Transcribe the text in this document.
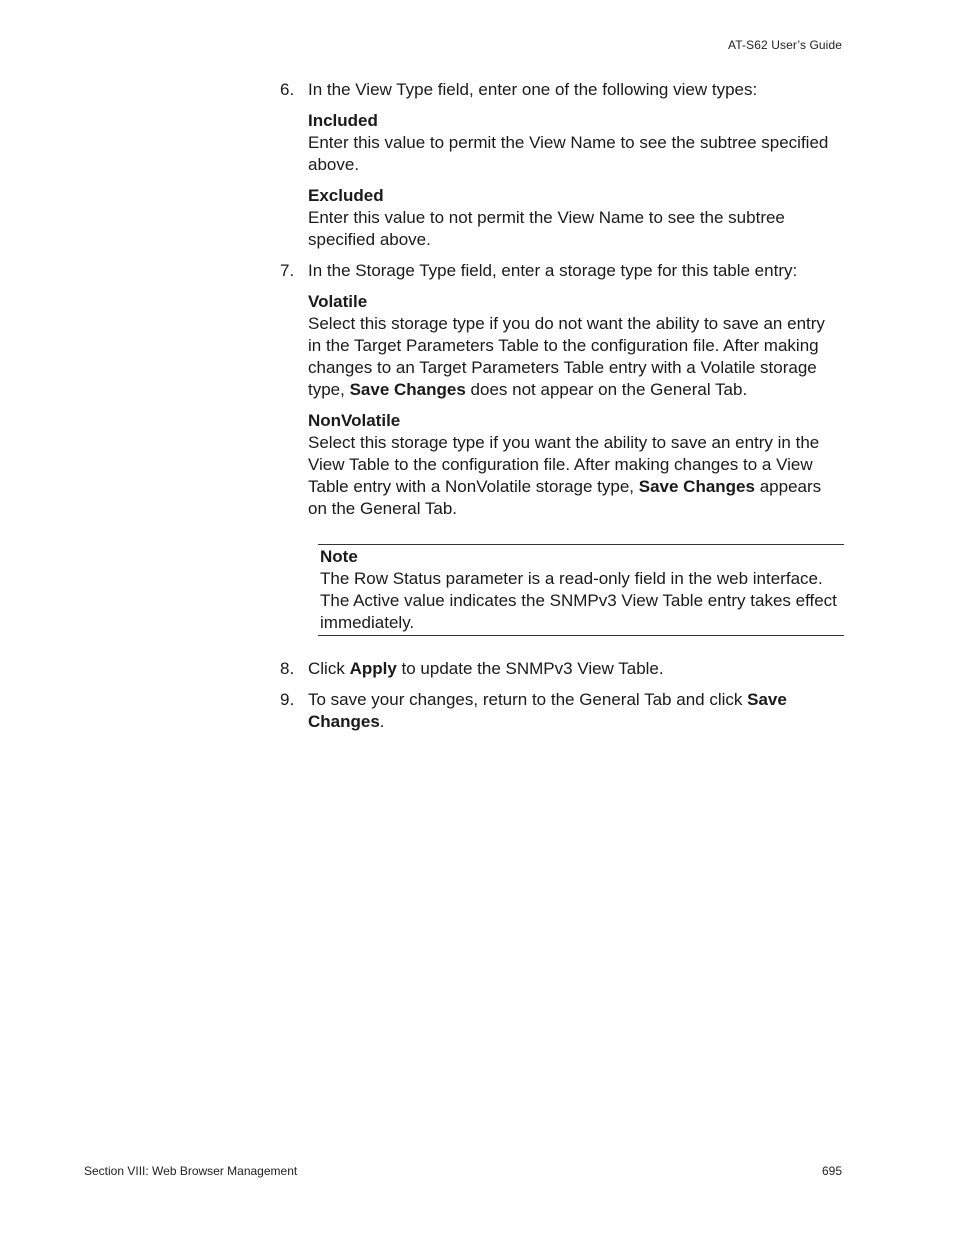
AT-S62 User’s Guide
6. In the View Type field, enter one of the following view types:
Included
Enter this value to permit the View Name to see the subtree specified above.
Excluded
Enter this value to not permit the View Name to see the subtree specified above.
7. In the Storage Type field, enter a storage type for this table entry:
Volatile
Select this storage type if you do not want the ability to save an entry in the Target Parameters Table to the configuration file. After making changes to an Target Parameters Table entry with a Volatile storage type, Save Changes does not appear on the General Tab.
NonVolatile
Select this storage type if you want the ability to save an entry in the View Table to the configuration file. After making changes to a View Table entry with a NonVolatile storage type, Save Changes appears on the General Tab.
Note
The Row Status parameter is a read-only field in the web interface. The Active value indicates the SNMPv3 View Table entry takes effect immediately.
8. Click Apply to update the SNMPv3 View Table.
9. To save your changes, return to the General Tab and click Save Changes.
Section VIII: Web Browser Management	695
